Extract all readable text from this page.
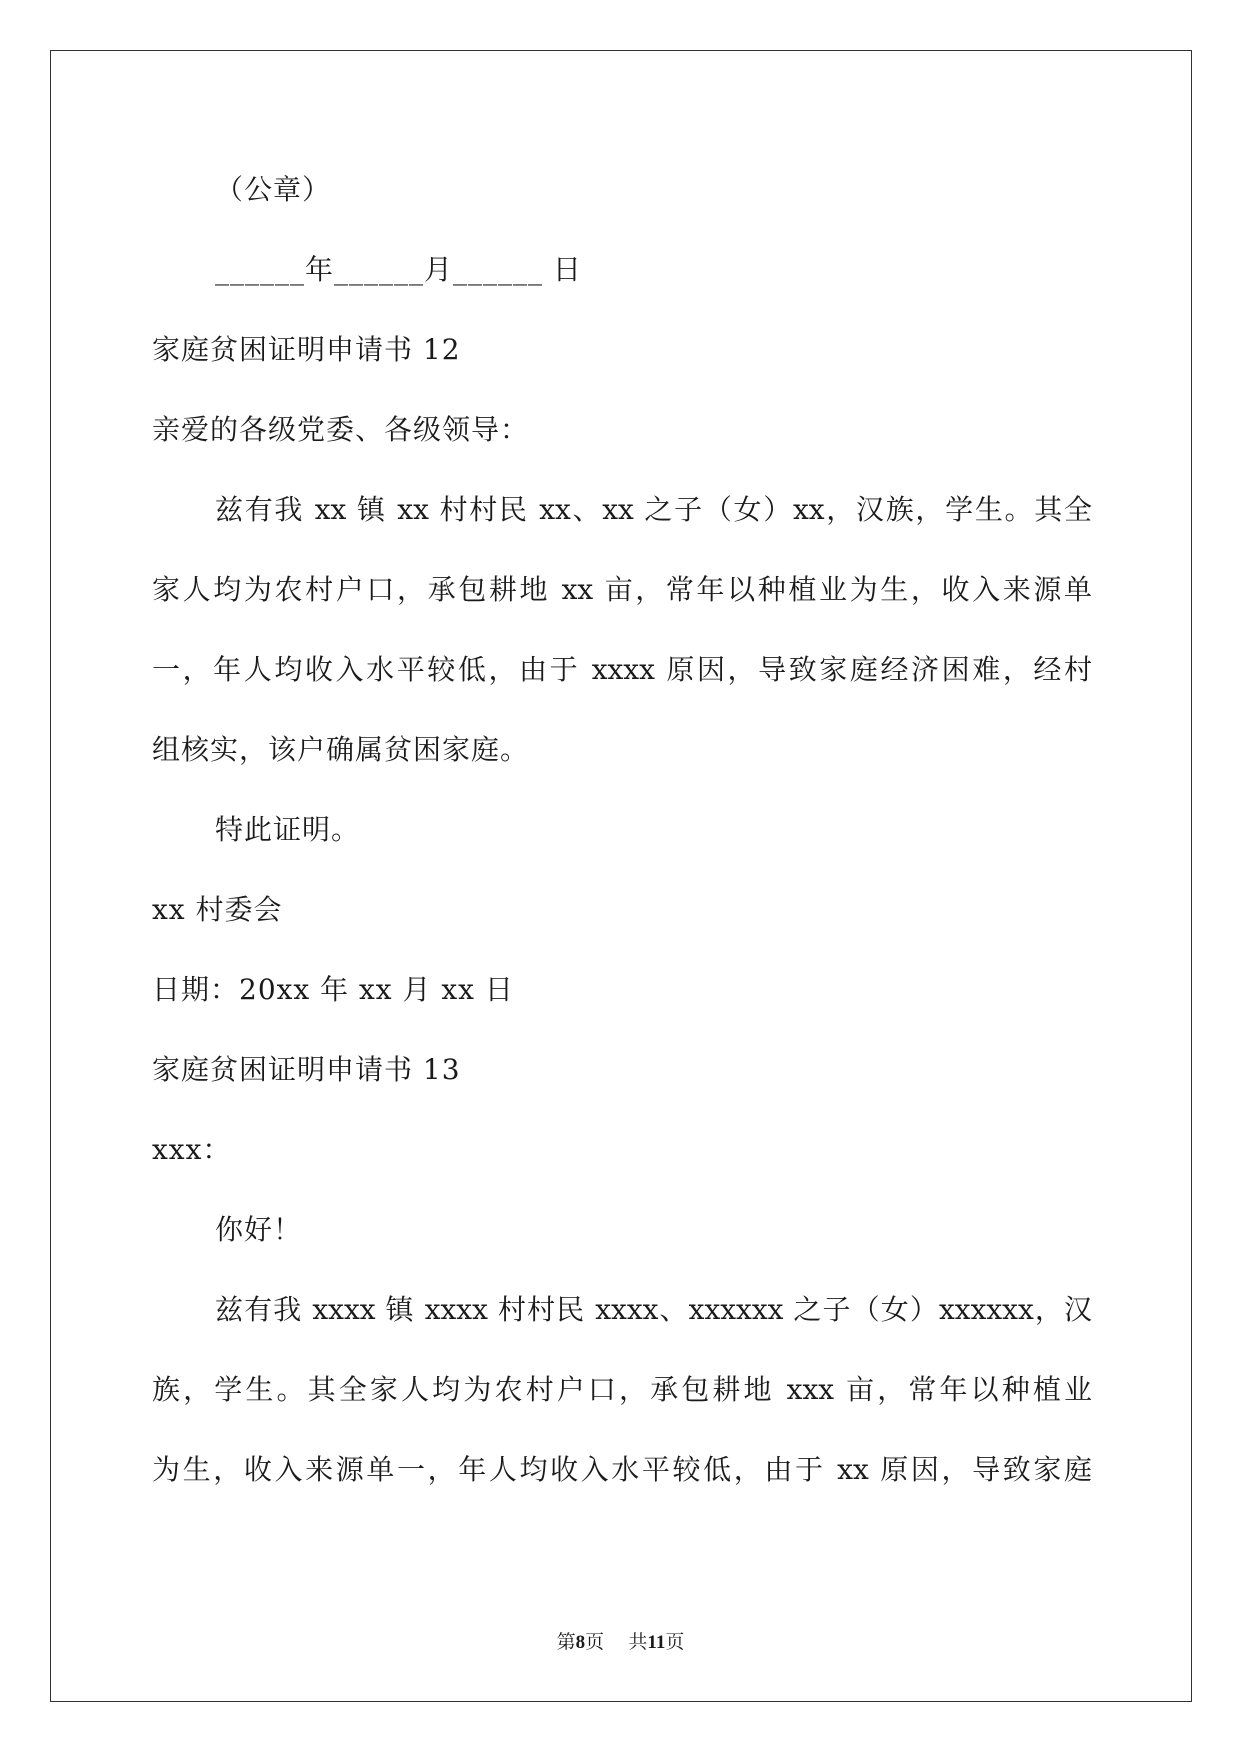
（公章）
______年______月______ 日
家庭贫困证明申请书 12
亲爱的各级党委、各级领导：
兹有我 xx 镇 xx 村村民 xx、xx 之子（女）xx，汉族，学生。其全
家人均为农村户口，承包耕地 xx 亩，常年以种植业为生，收入来源单
一，年人均收入水平较低，由于 xxxx 原因，导致家庭经济困难，经村
组核实，该户确属贫困家庭。
特此证明。
xx 村委会
日期：20xx 年 xx 月 xx 日
家庭贫困证明申请书 13
xxx：
你好！
兹有我 xxxx 镇 xxxx 村村民 xxxx、xxxxxx 之子（女）xxxxxx，汉
族，学生。其全家人均为农村户口，承包耕地 xxx 亩，常年以种植业
为生，收入来源单一，年人均收入水平较低，由于 xx 原因，导致家庭
第8页 共11页
